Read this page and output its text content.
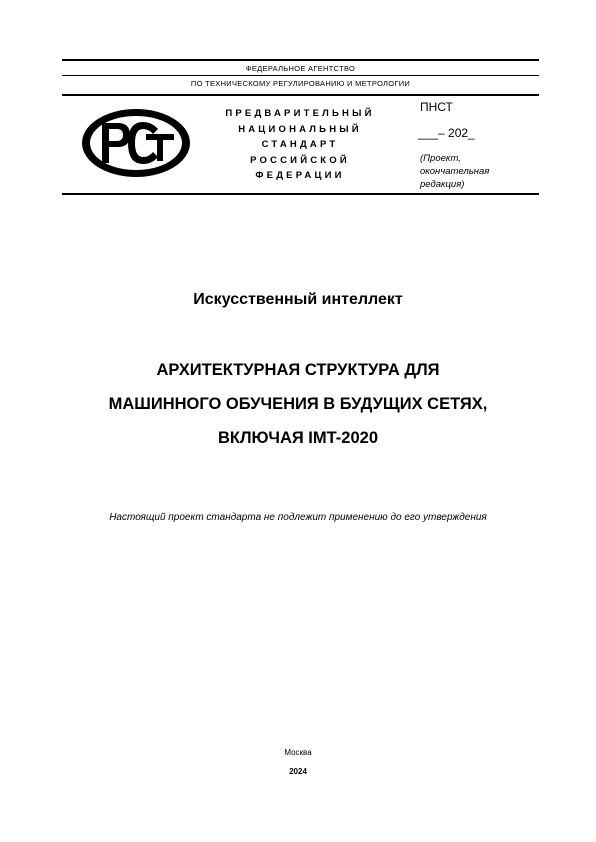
ФЕДЕРАЛЬНОЕ АГЕНТСТВО
ПО ТЕХНИЧЕСКОМУ РЕГУЛИРОВАНИЮ И МЕТРОЛОГИИ
ПРЕДВАРИТЕЛЬНЫЙ
НАЦИОНАЛЬНЫЙ
СТАНДАРТ
РОССИЙСКОЙ
ФЕДЕРАЦИИ
ПНСТ
___– 202_
(Проект,
окончательная
редакция)
Искусственный интеллект
АРХИТЕКТУРНАЯ СТРУКТУРА ДЛЯ
МАШИННОГО ОБУЧЕНИЯ В БУДУЩИХ СЕТЯХ,
ВКЛЮЧАЯ IMT-2020
Настоящий проект стандарта не подлежит применению до его утверждения
Москва
2024
